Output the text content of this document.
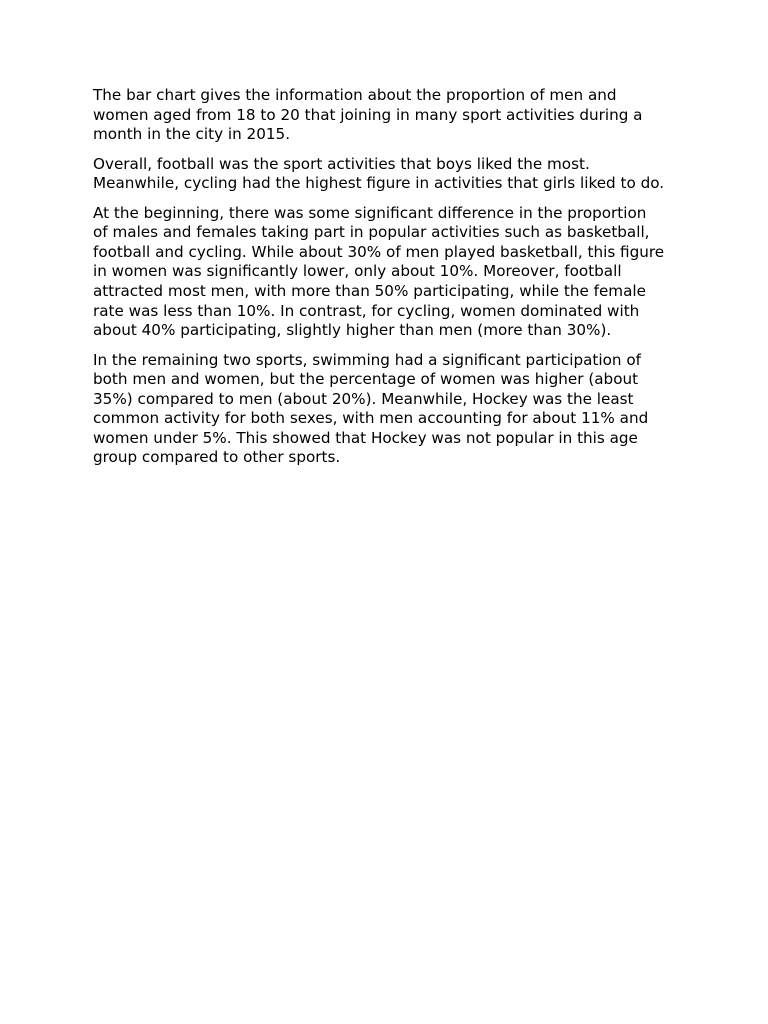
The bar chart gives the information about the proportion of men and
women aged from 18 to 20 that joining in many sport activities during a
month in the city in 2015.

Overall, football was the sport activities that boys liked the most.
Meanwhile, cycling had the highest figure in activities that girls liked to do.

At the beginning, there was some significant difference in the proportion
of males and females taking part in popular activities such as basketball,
football and cycling. While about 30% of men played basketball, this figure
in women was significantly lower, only about 10%. Moreover, football
attracted most men, with more than 50% participating, while the female
rate was less than 10%. In contrast, for cycling, women dominated with
about 40% participating, slightly higher than men (more than 30%).

In the remaining two sports, swimming had a significant participation of
both men and women, but the percentage of women was higher (about
35%) compared to men (about 20%). Meanwhile, Hockey was the least
common activity for both sexes, with men accounting for about 11% and
women under 5%. This showed that Hockey was not popular in this age
group compared to other sports.
